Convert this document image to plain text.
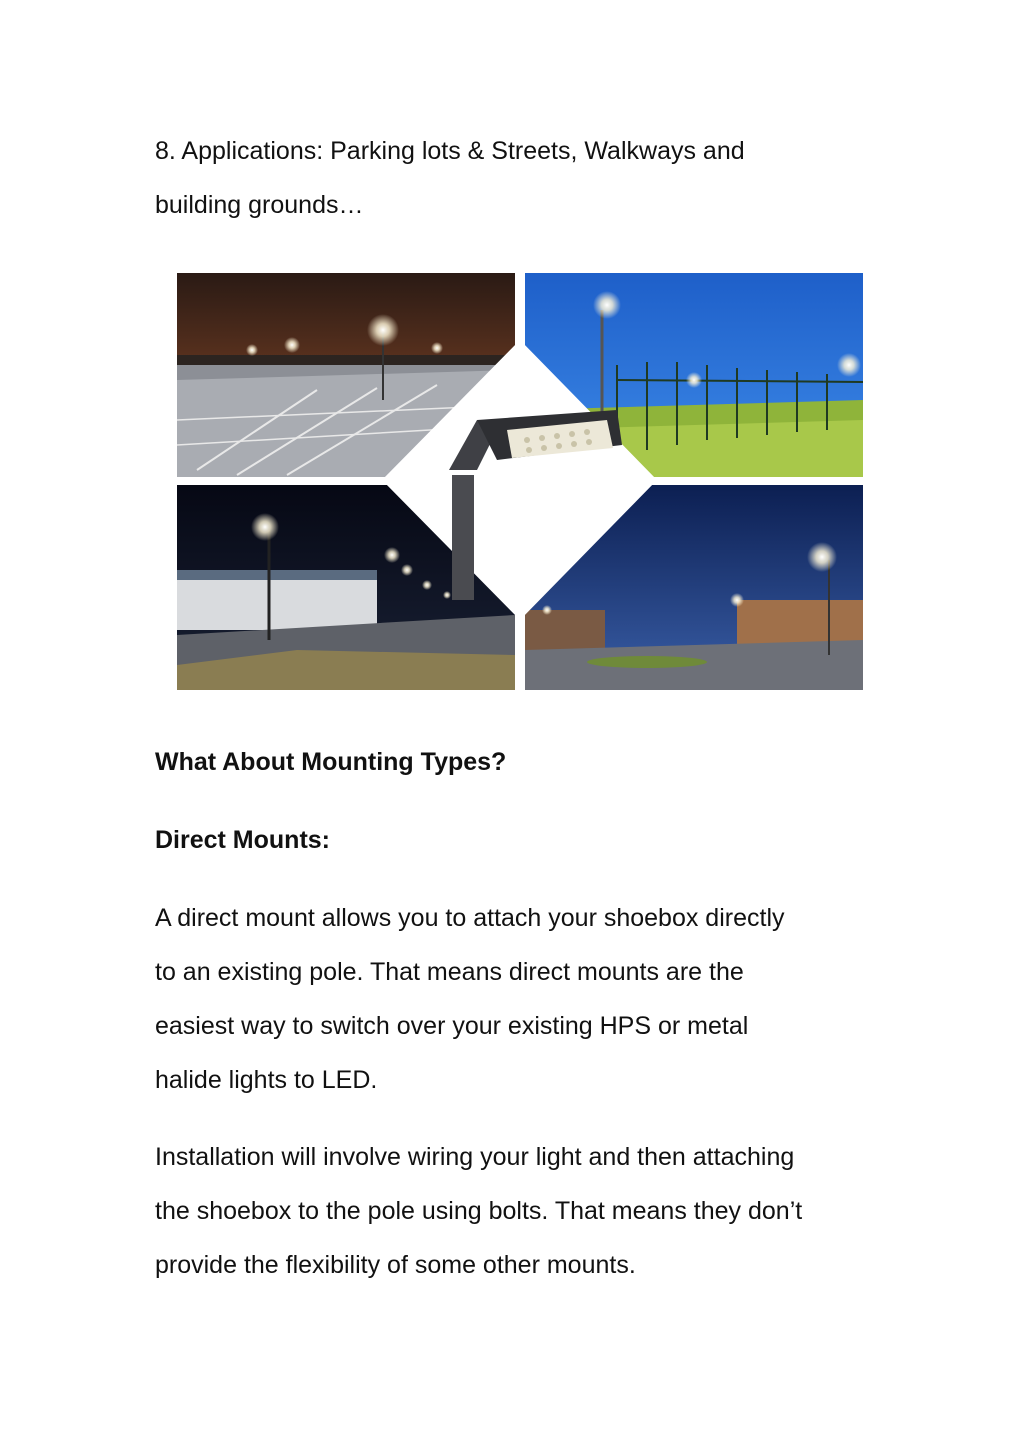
8. Applications: Parking lots & Streets, Walkways and
building grounds…
What About Mounting Types?
Direct Mounts:
A direct mount allows you to attach your shoebox directly
to an existing pole. That means direct mounts are the
easiest way to switch over your existing HPS or metal
halide lights to LED.
Installation will involve wiring your light and then attaching
the shoebox to the pole using bolts. That means they don’t
provide the flexibility of some other mounts.
